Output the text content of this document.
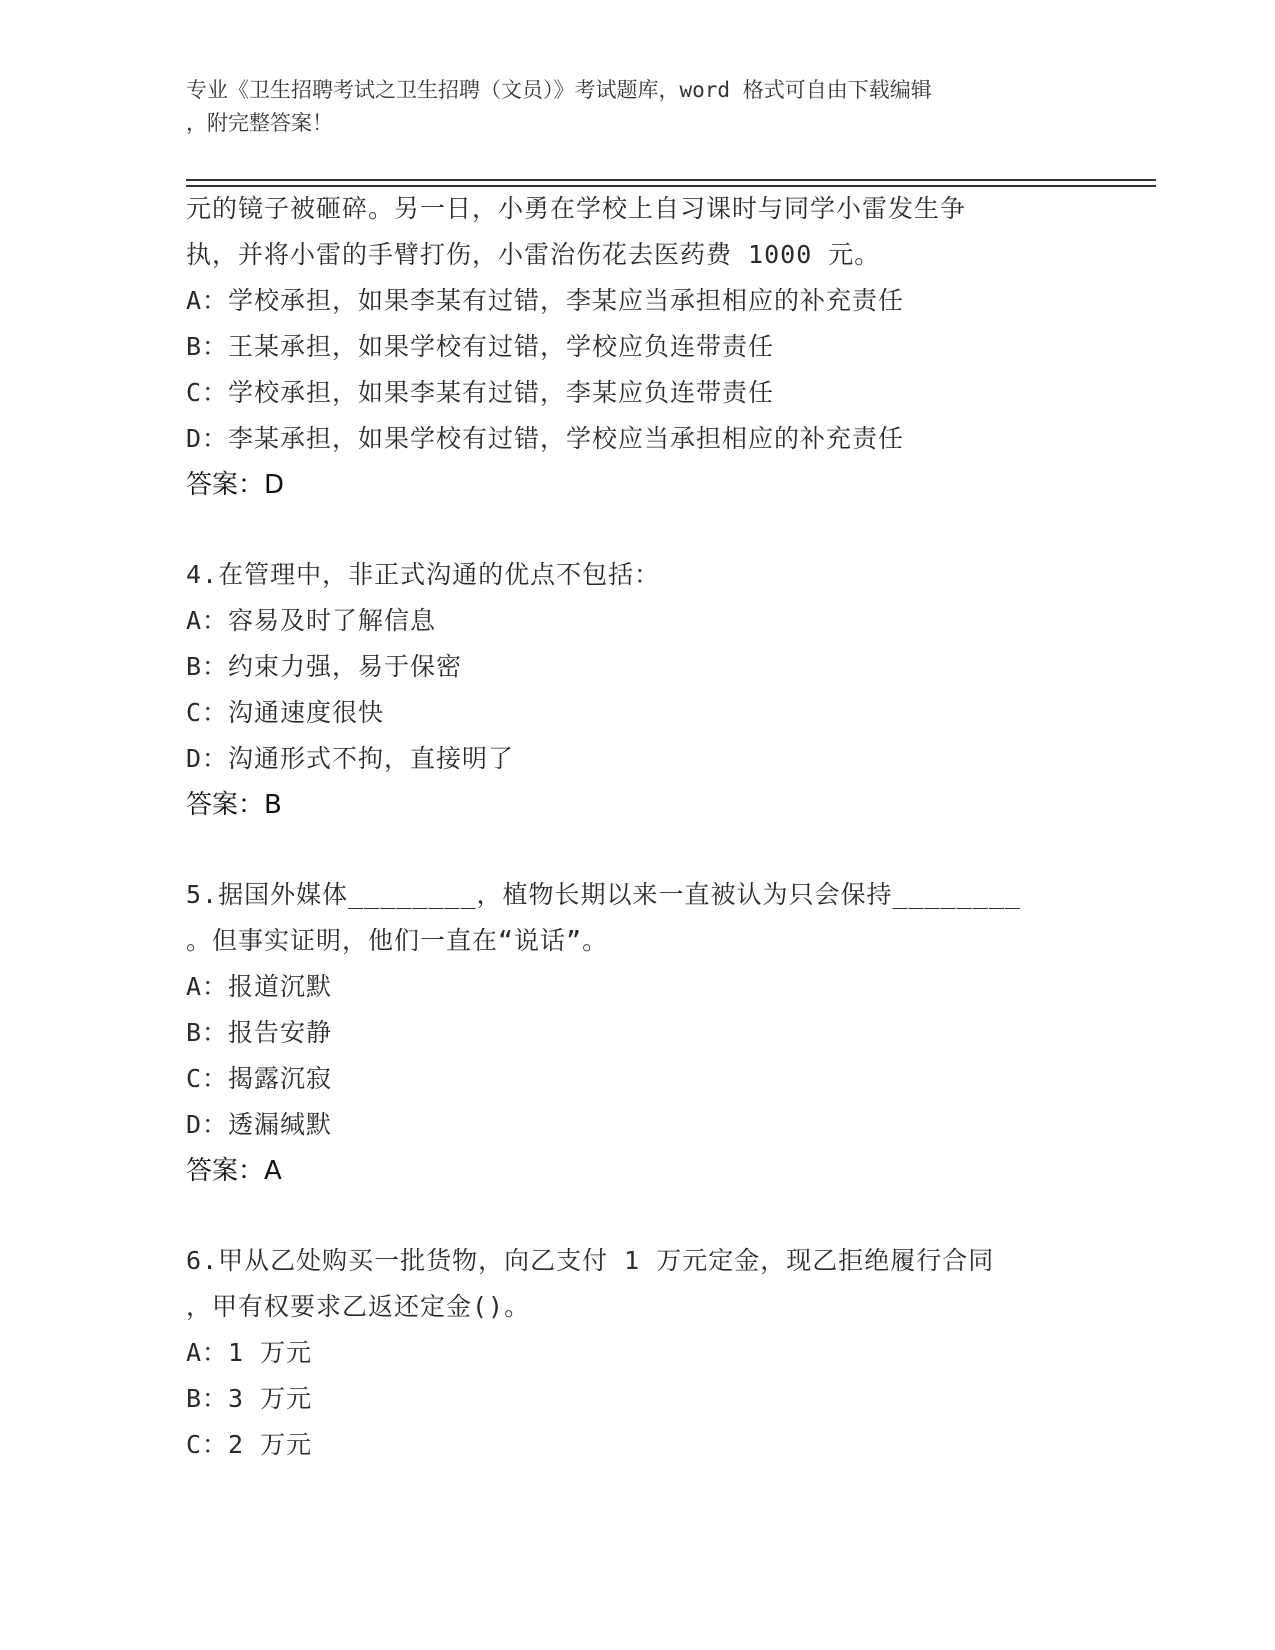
专业《卫生招聘考试之卫生招聘（文员）》考试题库，word 格式可自由下载编辑

，附完整答案！

元的镜子被砸碎。另一日，小勇在学校上自习课时与同学小雷发生争
执，并将小雷的手臂打伤，小雷治伤花去医药费 1000 元。
A：学校承担，如果李某有过错，李某应当承担相应的补充责任
B：王某承担，如果学校有过错，学校应负连带责任
C：学校承担，如果李某有过错，李某应负连带责任
D：李某承担，如果学校有过错，学校应当承担相应的补充责任
答案：D
4.在管理中，非正式沟通的优点不包括：
A：容易及时了解信息
B：约束力强，易于保密
C：沟通速度很快
D：沟通形式不拘，直接明了
答案：B
5.据国外媒体________，植物长期以来一直被认为只会保持________
。但事实证明，他们一直在“说话”。
A：报道沉默
B：报告安静
C：揭露沉寂
D：透漏缄默
答案：A
6.甲从乙处购买一批货物，向乙支付 1 万元定金，现乙拒绝履行合同
，甲有权要求乙返还定金()。
A：1 万元
B：3 万元
C：2 万元
